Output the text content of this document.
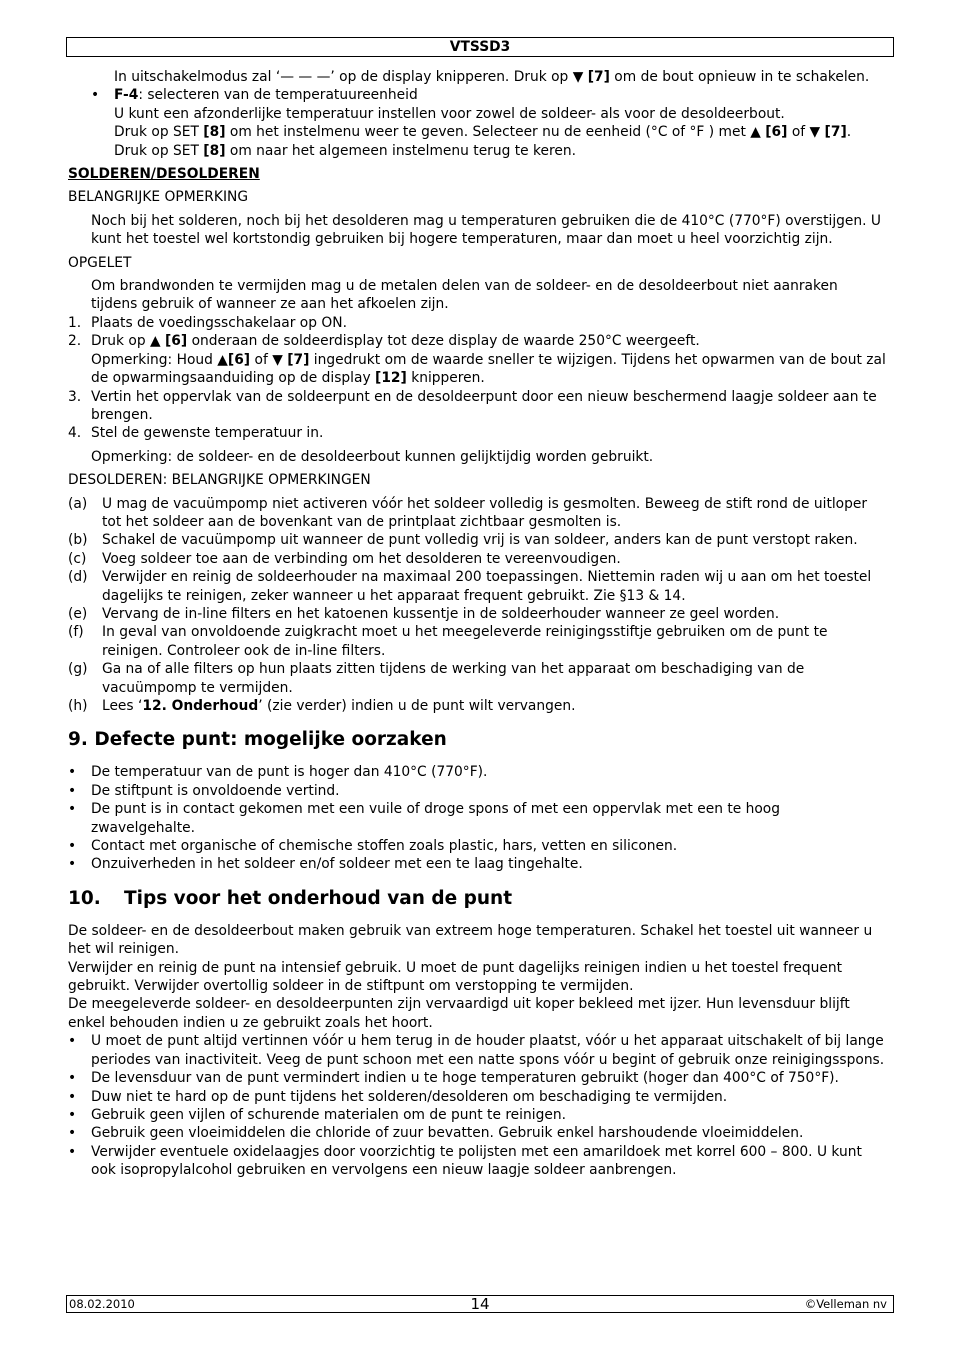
VTSSD3

In uitschakelmodus zal ‘— — —’ op de display knipperen. Druk op ▼ [7] om de bout opnieuw in te schakelen.

• F-4: selecteren van de temperatuureenheid

U kunt een afzonderlijke temperatuur instellen voor zowel de soldeer- als voor de desoldeerbout.

Druk op SET [8] om het instelmenu weer te geven. Selecteer nu de eenheid (°C of °F ) met ▲ [6] of ▼ [7]. Druk op SET [8] om naar het algemeen instelmenu terug te keren.

SOLDEREN/DESOLDEREN

BELANGRIJKE OPMERKING

Noch bij het solderen, noch bij het desolderen mag u temperaturen gebruiken die de 410°C (770°F) overstijgen. U kunt het toestel wel kortstondig gebruiken bij hogere temperaturen, maar dan moet u heel voorzichtig zijn.

OPGELET

Om brandwonden te vermijden mag u de metalen delen van de soldeer- en de desoldeerbout niet aanraken tijdens gebruik of wanneer ze aan het afkoelen zijn.

1. Plaats de voedingsschakelaar op ON.
2. Druk op ▲ [6] onderaan de soldeerdisplay tot deze display de waarde 250°C weergeeft.

Opmerking: Houd ▲[6] of ▼ [7] ingedrukt om de waarde sneller te wijzigen. Tijdens het opwarmen van de bout zal de opwarmingsaanduiding op de display [12] knipperen.

3. Vertin het oppervlak van de soldeerpunt en de desoldeerpunt door een nieuw beschermend laagje soldeer aan te brengen.
4. Stel de gewenste temperatuur in.

Opmerking: de soldeer- en de desoldeerbout kunnen gelijktijdig worden gebruikt.

DESOLDEREN: BELANGRIJKE OPMERKINGEN

(a) U mag de vacuümpomp niet activeren vóór het soldeer volledig is gesmolten. Beweeg de stift rond de uitloper tot het soldeer aan de bovenkant van de printplaat zichtbaar gesmolten is.
(b) Schakel de vacuümpomp uit wanneer de punt volledig vrij is van soldeer, anders kan de punt verstopt raken.
(c) Voeg soldeer toe aan de verbinding om het desolderen te vereenvoudigen.
(d) Verwijder en reinig de soldeerhouder na maximaal 200 toepassingen. Niettemin raden wij u aan om het toestel dagelijks te reinigen, zeker wanneer u het apparaat frequent gebruikt. Zie §13 & 14.
(e) Vervang de in-line filters en het katoenen kussentje in de soldeerhouder wanneer ze geel worden.
(f) In geval van onvoldoende zuigkracht moet u het meegeleverde reinigingsstiftje gebruiken om de punt te reinigen. Controleer ook de in-line filters.
(g) Ga na of alle filters op hun plaats zitten tijdens de werking van het apparaat om beschadiging van de vacuümpomp te vermijden.
(h) Lees ‘12. Onderhoud’ (zie verder) indien u de punt wilt vervangen.
9. Defecte punt: mogelijke oorzaken

• De temperatuur van de punt is hoger dan 410°C (770°F).

• De stiftpunt is onvoldoende vertind.

• De punt is in contact gekomen met een vuile of droge spons of met een oppervlak met een te hoog zwavelgehalte.

• Contact met organische of chemische stoffen zoals plastic, hars, vetten en siliconen.

• Onzuiverheden in het soldeer en/of soldeer met een te laag tingehalte.

10. Tips voor het onderhoud van de punt

De soldeer- en de desoldeerbout maken gebruik van extreem hoge temperaturen. Schakel het toestel uit wanneer u het wil reinigen.

Verwijder en reinig de punt na intensief gebruik. U moet de punt dagelijks reinigen indien u het toestel frequent gebruikt. Verwijder overtollig soldeer in de stiftpunt om verstopping te vermijden.

De meegeleverde soldeer- en desoldeerpunten zijn vervaardigd uit koper bekleed met ijzer. Hun levensduur blijft enkel behouden indien u ze gebruikt zoals het hoort.

• U moet de punt altijd vertinnen vóór u hem terug in de houder plaatst, vóór u het apparaat uitschakelt of bij lange periodes van inactiviteit. Veeg de punt schoon met een natte spons vóór u begint of gebruik onze reinigingsspons.

• De levensduur van de punt vermindert indien u te hoge temperaturen gebruikt (hoger dan 400°C of 750°F).

• Duw niet te hard op de punt tijdens het solderen/desolderen om beschadiging te vermijden.

• Gebruik geen vijlen of schurende materialen om de punt te reinigen.

• Gebruik geen vloeimiddelen die chloride of zuur bevatten. Gebruik enkel harshoudende vloeimiddelen.

• Verwijder eventuele oxidelaagjes door voorzichtig te polijsten met een amarildoek met korrel 600 – 800. U kunt ook isopropylalcohol gebruiken en vervolgens een nieuw laagje soldeer aanbrengen.

08.02.2010	14	©Velleman nv
